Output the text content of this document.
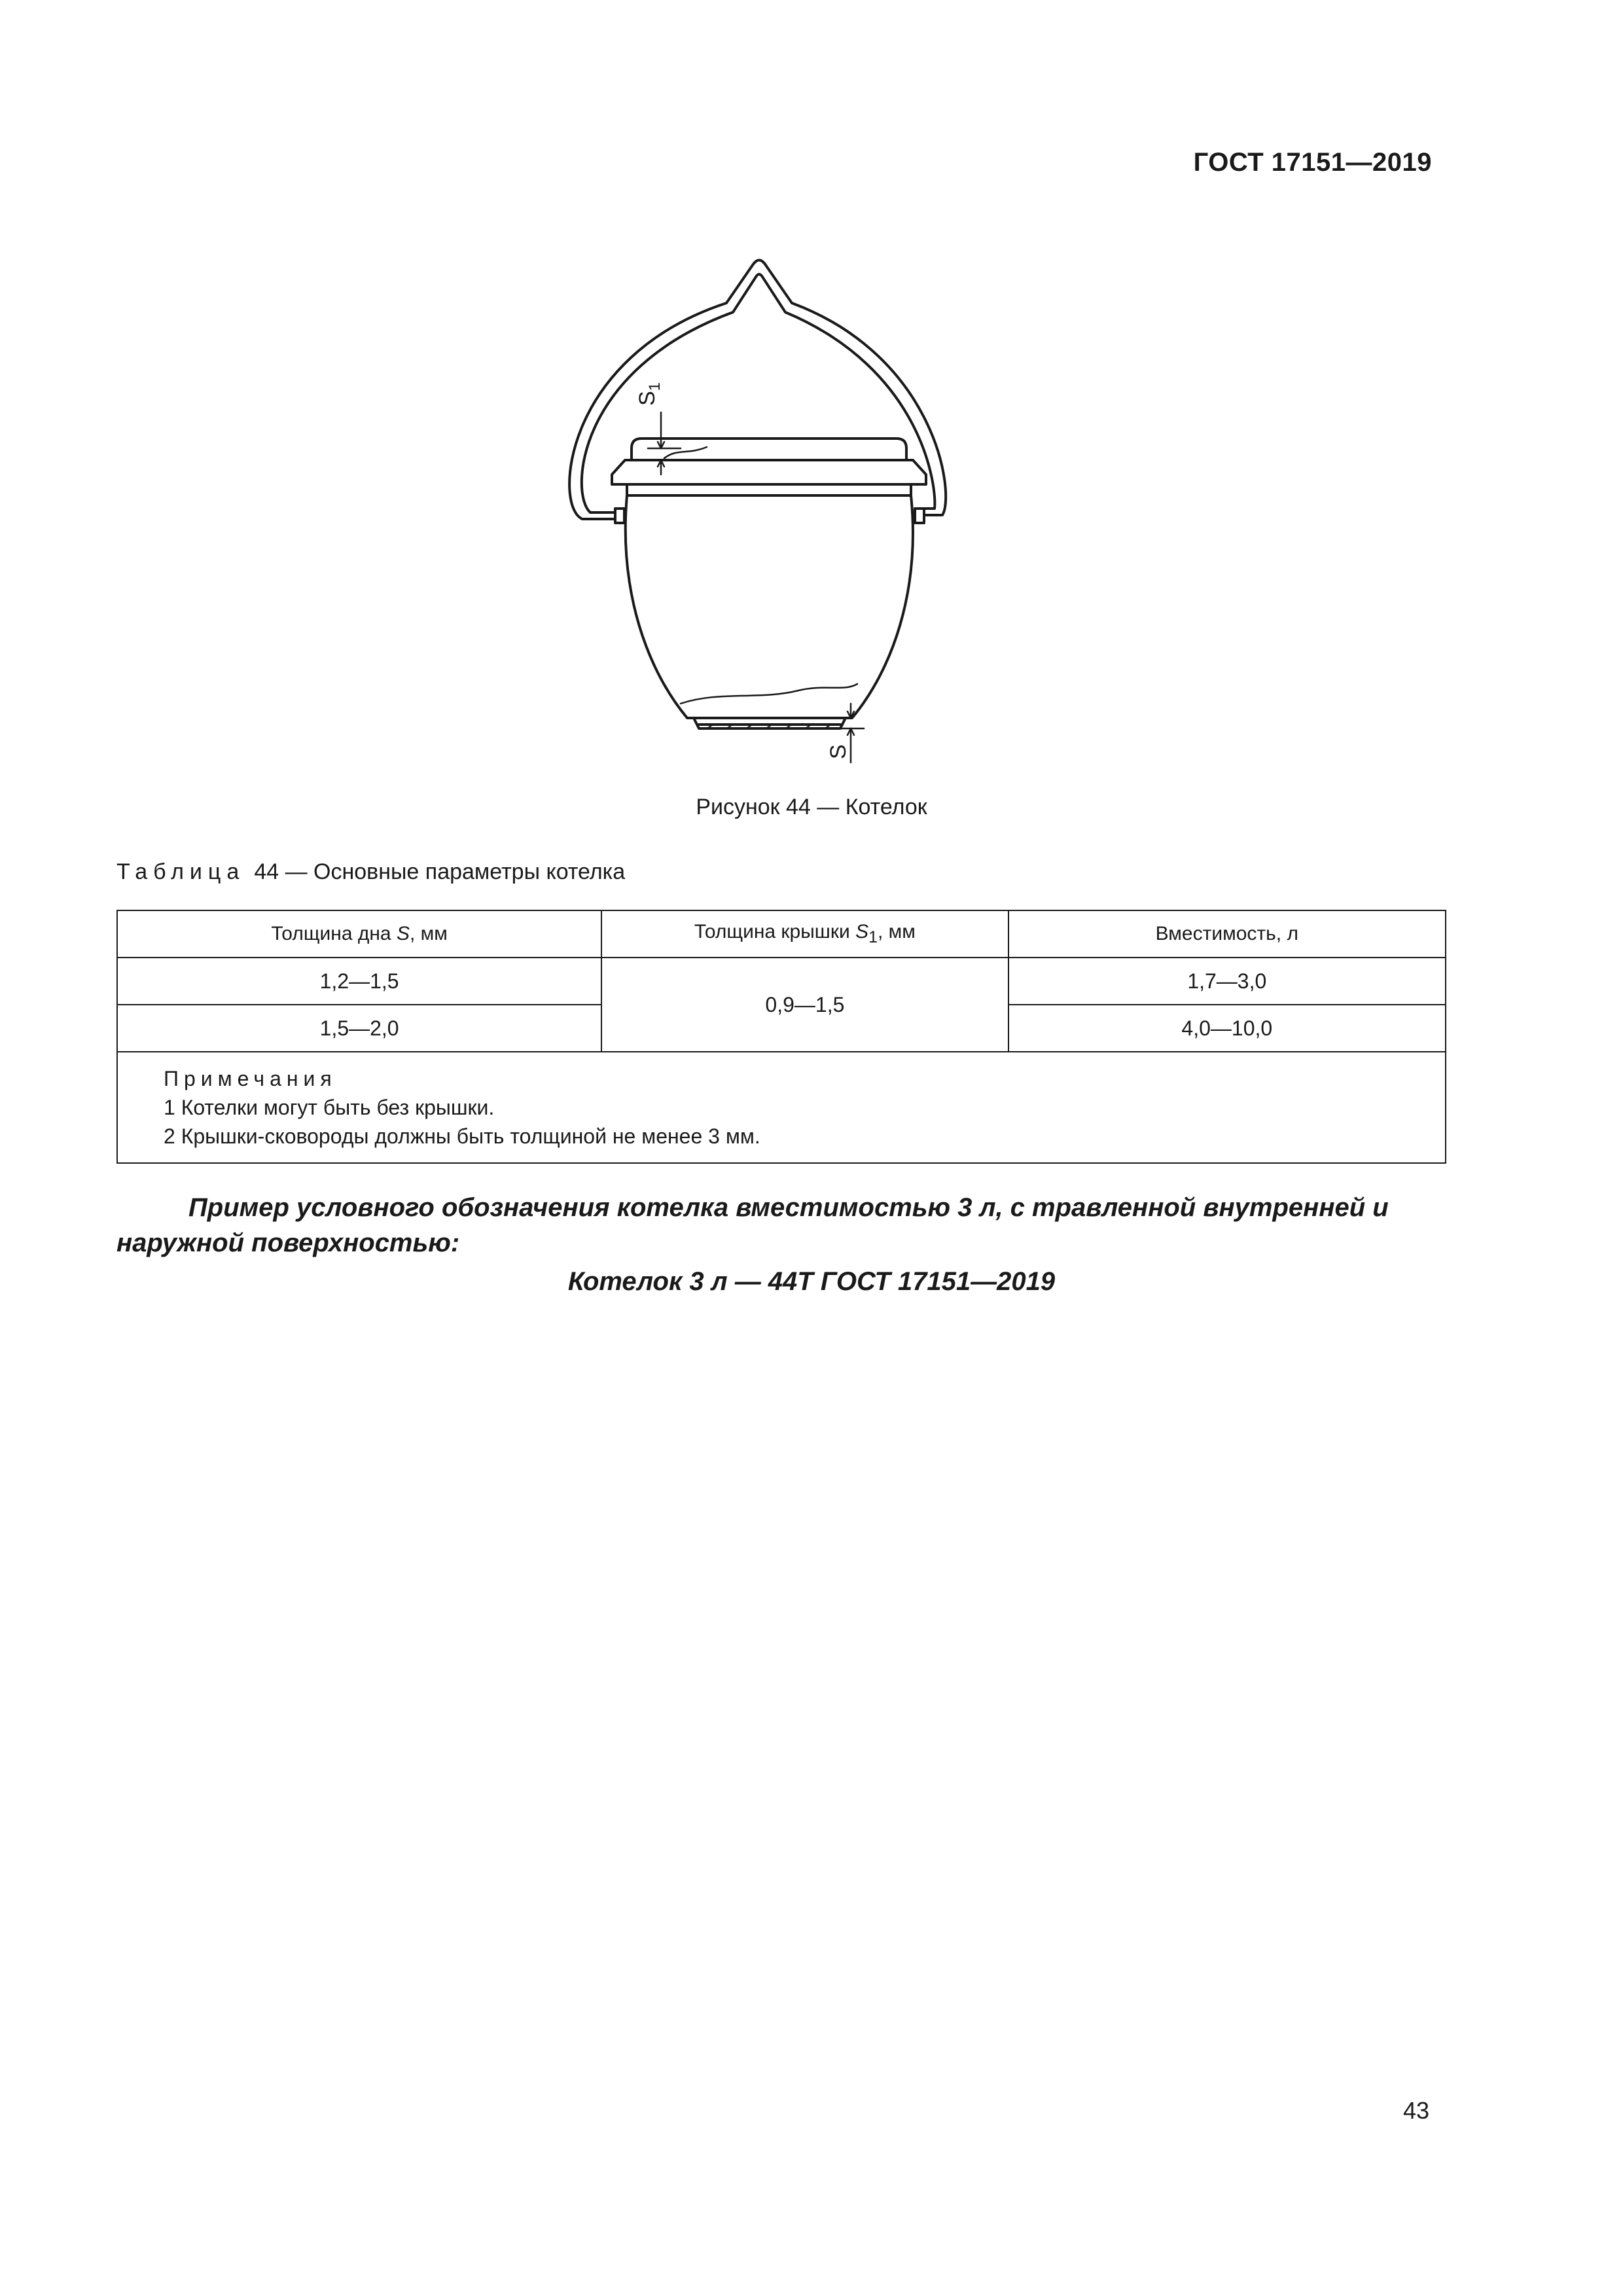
ГОСТ 17151—2019
$S_1$
S
Рисунок 44 — Котелок
Таблица 44 — Основные параметры котелка
Толщина дна S, мм	Толщина крышки $S_1$, мм	Вместимость, л
1,2—1,5	0,9—1,5	1,7—3,0
1,5—2,0		4,0—10,0

Примечания
1 Котелки могут быть без крышки.
2 Крышки-сковороды должны быть толщиной не менее 3 мм.		
Пример условного обозначения котелка вместимостью 3 л, с травленной внутренней и наружной поверхностью:
Котелок 3 л — 44Т ГОСТ 17151—2019
43
